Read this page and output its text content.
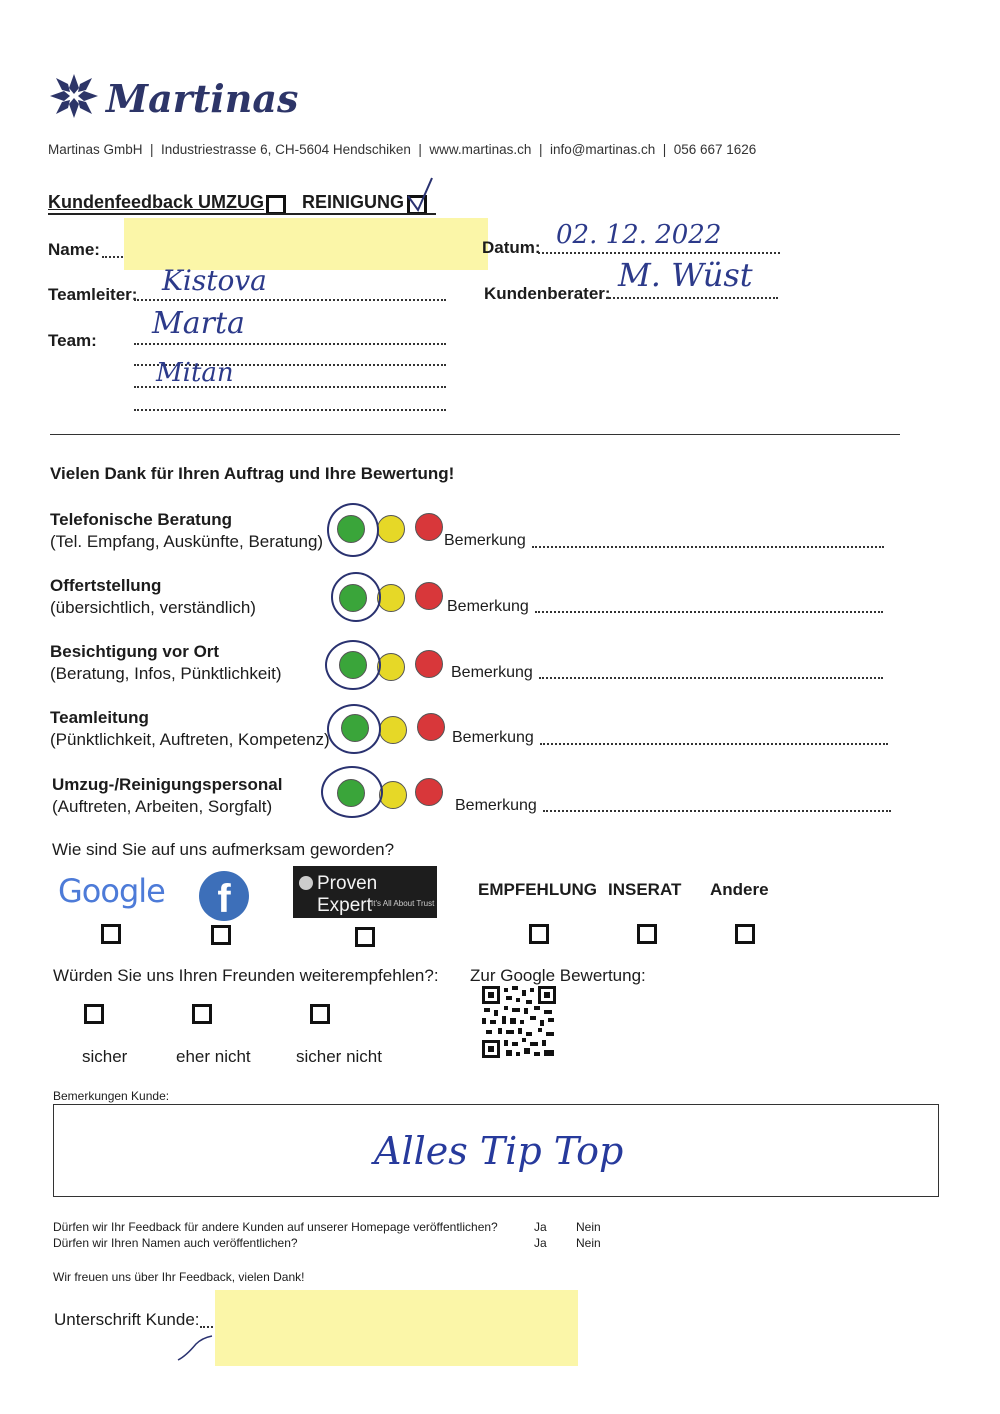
Martinas
Martinas GmbH  |  Industriestrasse 6, CH-5604 Hendschiken  |  www.martinas.ch  |  info@martinas.ch  |  056 667 1626
Kundenfeedback UMZUG REINIGUNG
Name:	Datum: 02. 12. 2022
Teamleiter: Kistova	Kundenberater: M. Wüst
Team: Marta
Mitan
Vielen Dank für Ihren Auftrag und Ihre Bewertung!
Telefonische Beratung
(Tel. Empfang, Auskünfte, Beratung)	Bemerkung
Offertstellung
(übersichtlich, verständlich)	Bemerkung
Besichtigung vor Ort
(Beratung, Infos, Pünktlichkeit)	Bemerkung
Teamleitung
(Pünktlichkeit, Auftreten, Kompetenz)	Bemerkung
Umzug-/Reinigungspersonal
(Auftreten, Arbeiten, Sorgfalt)	Bemerkung
Wie sind Sie auf uns aufmerksam geworden?
Google	f	Proven Expert It's All About Trust
EMPFEHLUNG INSERAT Andere
Würden Sie uns Ihren Freunden weiterempfehlen?: Zur Google Bewertung:
sicher	eher nicht	sicher nicht
Bemerkungen Kunde:
Alles Tip Top
Dürfen wir Ihr Feedback für andere Kunden auf unserer Homepage veröffentlichen?	Ja Nein
Dürfen wir Ihren Namen auch veröffentlichen?	Ja Nein
Wir freuen uns über Ihr Feedback, vielen Dank!
Unterschrift Kunde:
